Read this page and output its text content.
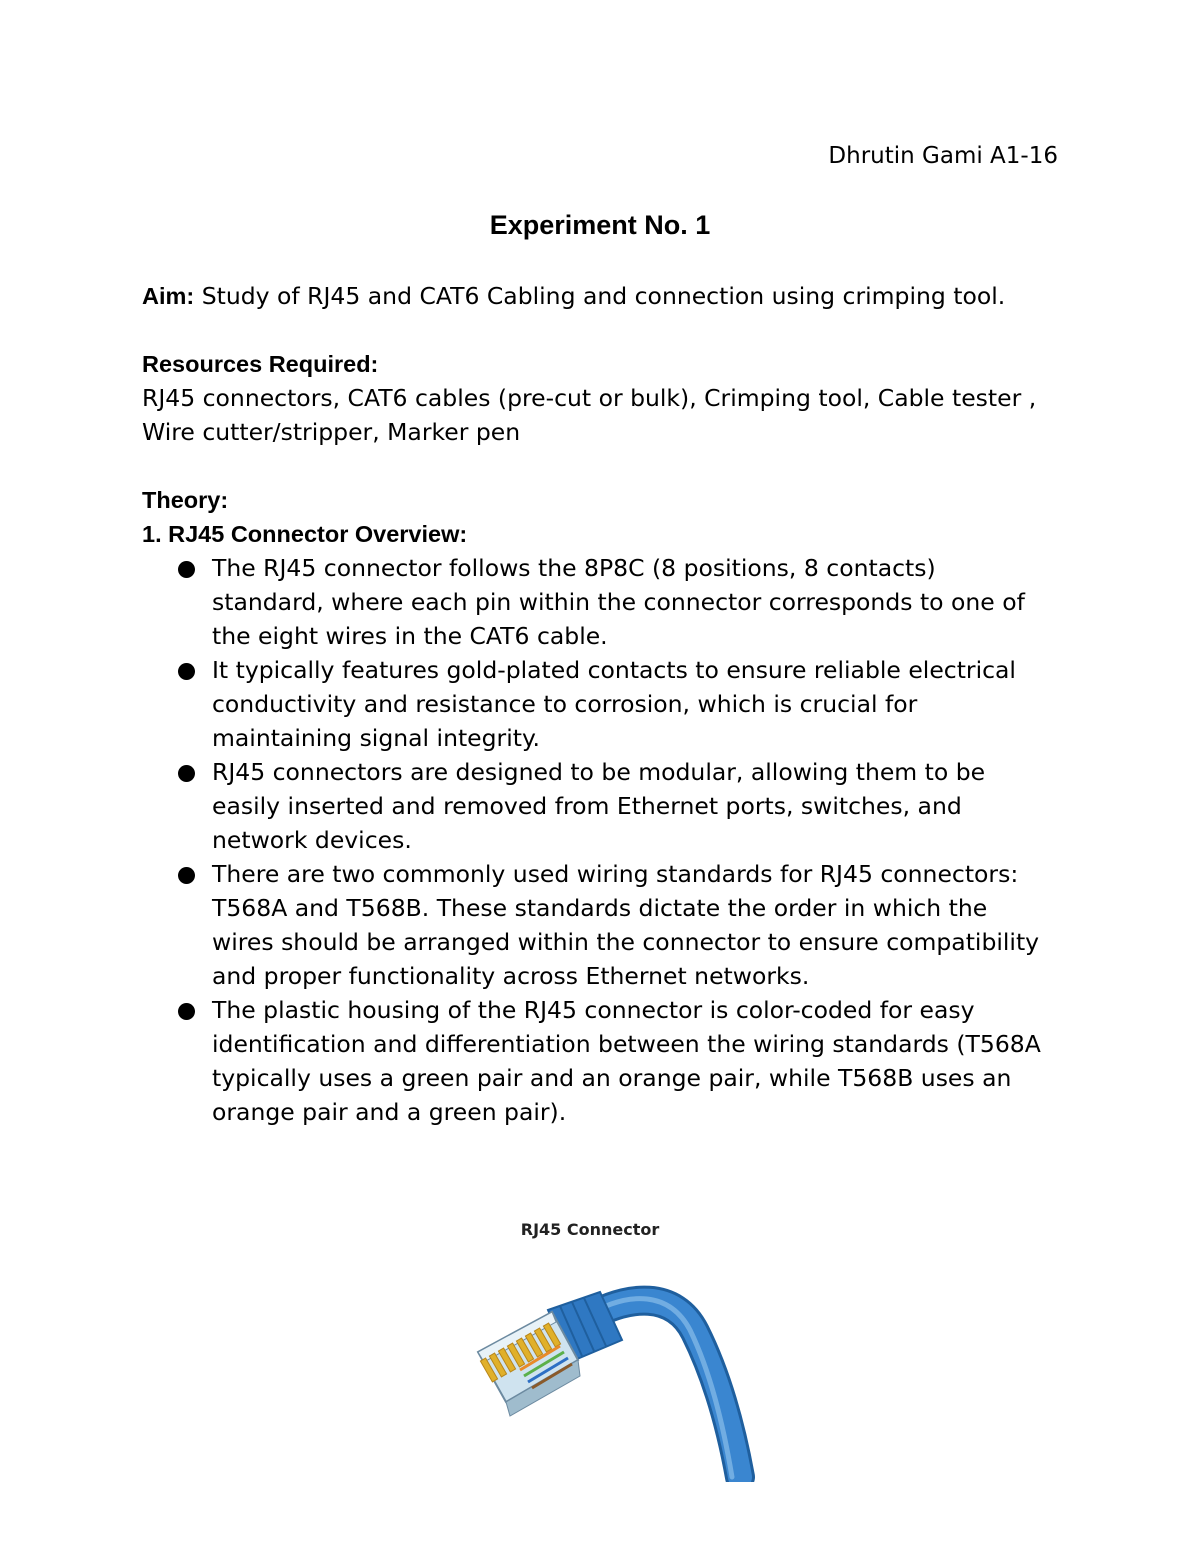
Dhrutin Gami A1-16
Experiment No. 1

Aim: Study of RJ45 and CAT6 Cabling and connection using crimping tool.

Resources Required:

RJ45 connectors, CAT6 cables (pre-cut or bulk), Crimping tool, Cable tester , Wire cutter/stripper, Marker pen

Theory:

1. RJ45 Connector Overview:

The RJ45 connector follows the 8P8C (8 positions, 8 contacts) standard, where each pin within the connector corresponds to one of the eight wires in the CAT6 cable.
It typically features gold-plated contacts to ensure reliable electrical conductivity and resistance to corrosion, which is crucial for maintaining signal integrity.
RJ45 connectors are designed to be modular, allowing them to be easily inserted and removed from Ethernet ports, switches, and network devices.
There are two commonly used wiring standards for RJ45 connectors: T568A and T568B. These standards dictate the order in which the wires should be arranged within the connector to ensure compatibility and proper functionality across Ethernet networks.
The plastic housing of the RJ45 connector is color-coded for easy identification and differentiation between the wiring standards (T568A typically uses a green pair and an orange pair, while T568B uses an orange pair and a green pair).
RJ45 Connector
